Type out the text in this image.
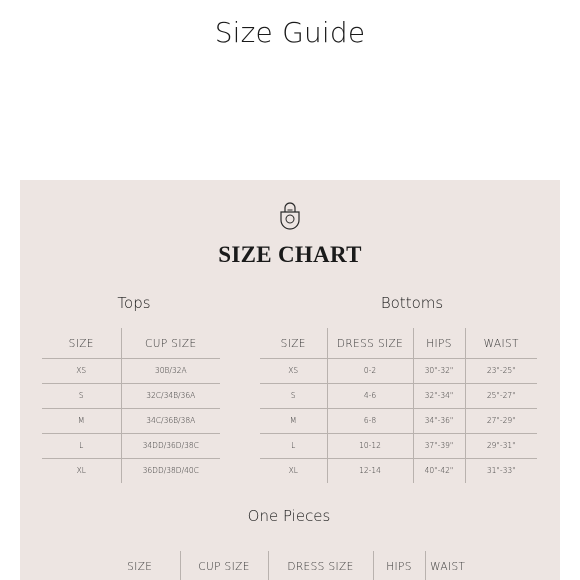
Size Guide
SIZE CHART
Tops
SIZE	CUP SIZE
XS	30B/32A
S	32C/34B/36A
M	34C/36B/38A
L	34DD/36D/38C
XL	36DD/38D/40C
Bottoms
SIZE	DRESS SIZE	HIPS	WAIST
XS	0-2	30"-32"	23"-25"
S	4-6	32"-34"	25"-27"
M	6-8	34"-36"	27"-29"
L	10-12	37"-39"	29"-31"
XL	12-14	40"-42"	31"-33"
One Pieces
SIZE	CUP SIZE	DRESS SIZE	HIPS	WAIST
